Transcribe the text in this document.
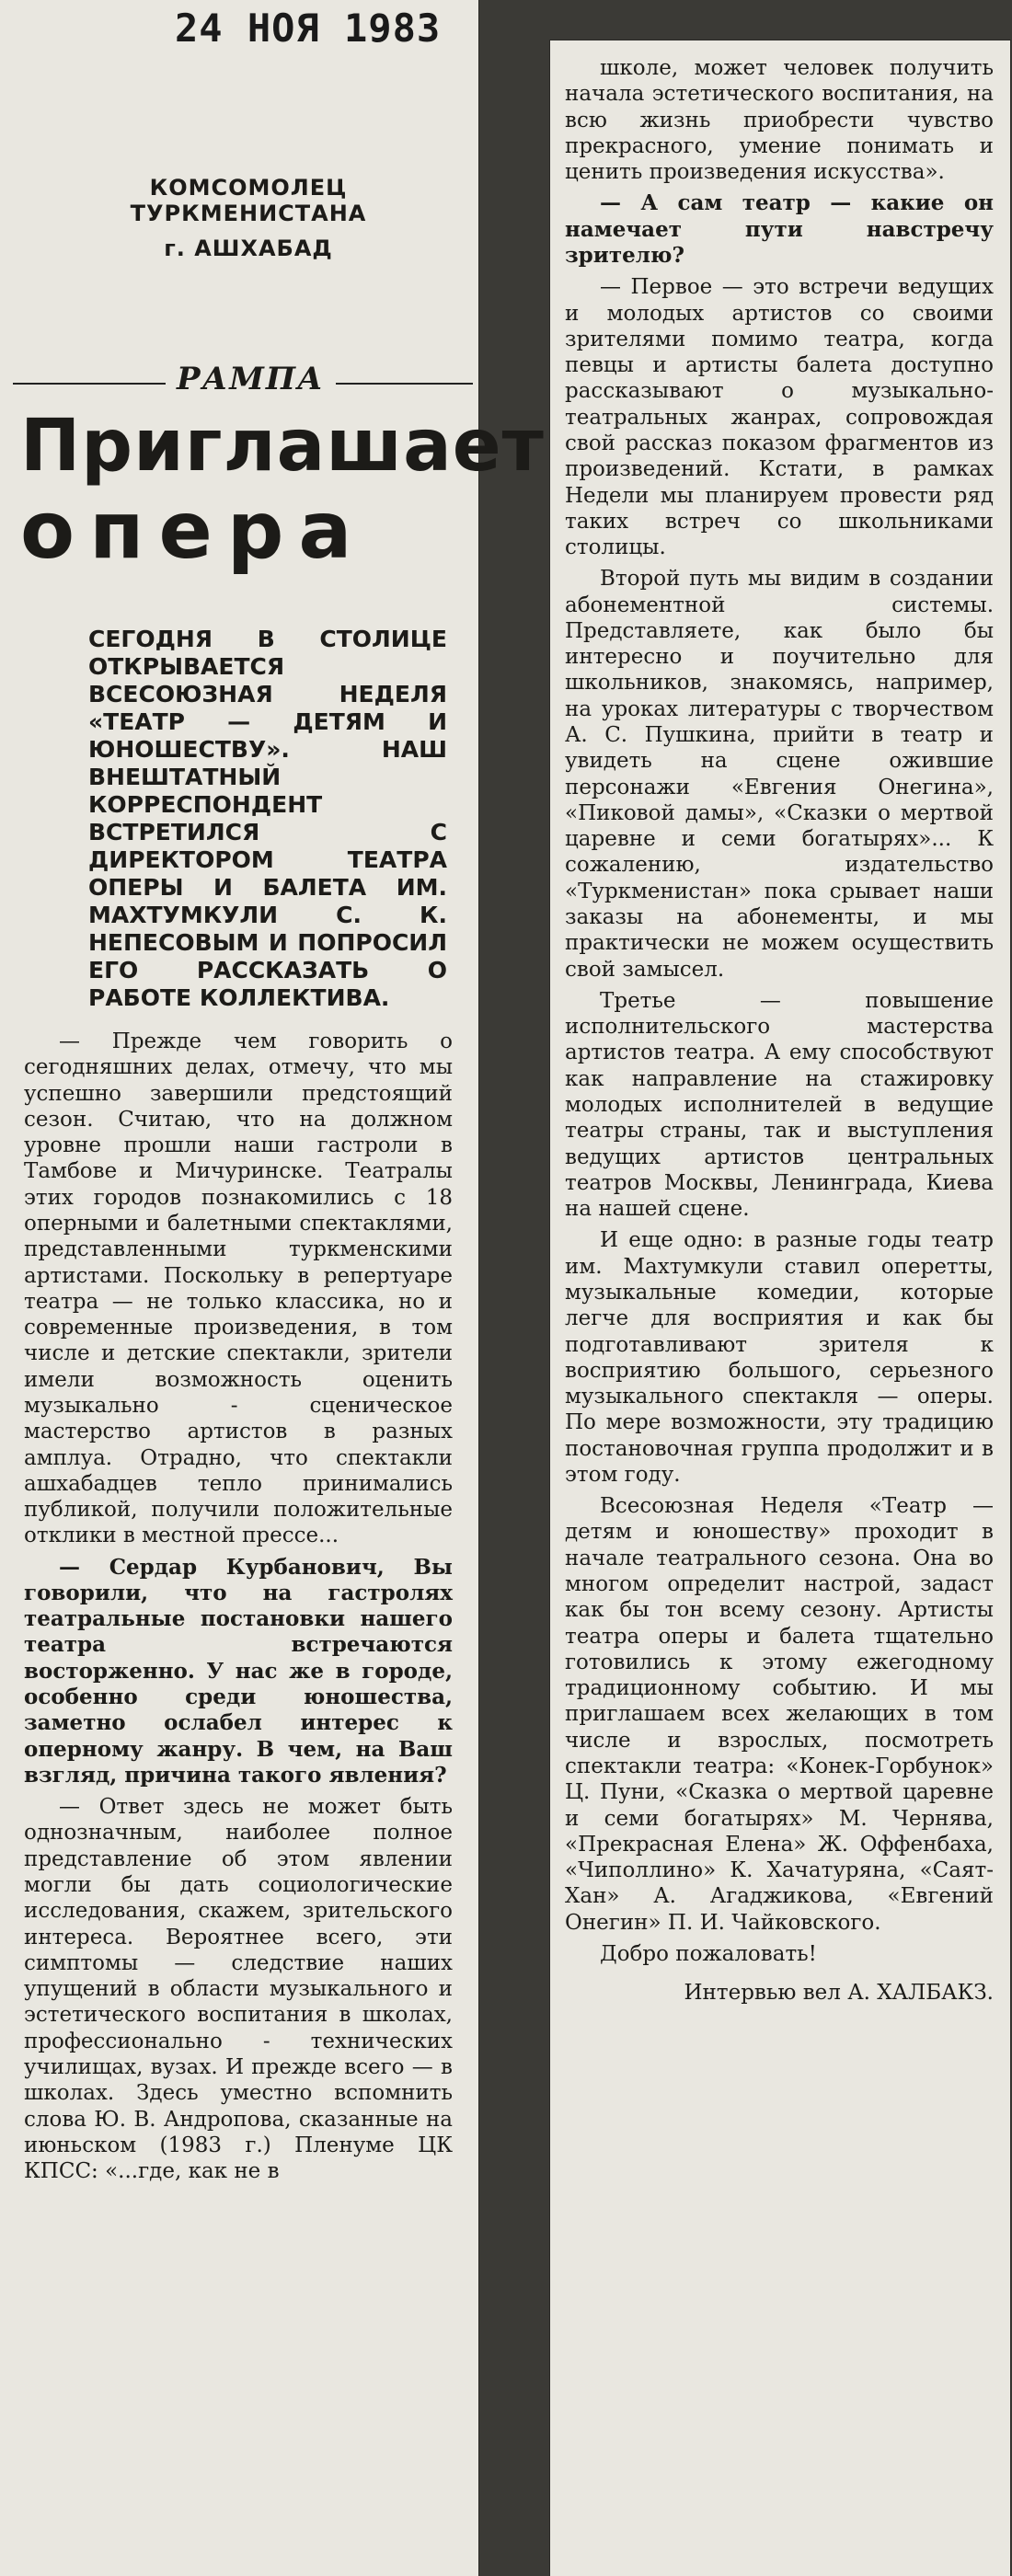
24 НОЯ 1983
КОМСОМОЛЕЦ ТУРКМЕНИСТАНА
г. АШХАБАД
РАМПА
Приглашает
опера
СЕГОДНЯ В СТОЛИЦЕ ОТКРЫВАЕТСЯ ВСЕСОЮЗНАЯ НЕДЕЛЯ «ТЕАТР — ДЕТЯМ И ЮНОШЕСТВУ». НАШ ВНЕШТАТНЫЙ КОРРЕСПОНДЕНТ ВСТРЕТИЛСЯ С ДИРЕКТОРОМ ТЕАТРА ОПЕРЫ И БАЛЕТА ИМ. МАХТУМКУЛИ С. К. НЕПЕСОВЫМ И ПОПРОСИЛ ЕГО РАССКАЗАТЬ О РАБОТЕ КОЛЛЕКТИВА.

— Прежде чем говорить о сегодняшних делах, отмечу, что мы успешно завершили предстоящий сезон. Считаю, что на должном уровне прошли наши гастроли в Тамбове и Мичуринске. Театралы этих городов познакомились с 18 оперными и балетными спектаклями, представленными туркменскими артистами. Поскольку в репертуаре театра — не только классика, но и современные произведения, в том числе и детские спектакли, зрители имели возможность оценить музыкально - сценическое мастерство артистов в разных амплуа. Отрадно, что спектакли ашхабадцев тепло принимались публикой, получили положительные отклики в местной прессе...

— Сердар Курбанович, Вы говорили, что на гастролях театральные постановки нашего театра встречаются восторженно. У нас же в городе, особенно среди юношества, заметно ослабел интерес к оперному жанру. В чем, на Ваш взгляд, причина такого явления?

— Ответ здесь не может быть однозначным, наиболее полное представление об этом явлении могли бы дать социологические исследования, скажем, зрительского интереса. Вероятнее всего, эти симптомы — следствие наших упущений в области музыкального и эстетического воспитания в школах, профессионально - технических училищах, вузах. И прежде всего — в школах. Здесь уместно вспомнить слова Ю. В. Андропова, сказанные на июньском (1983 г.) Пленуме ЦК КПСС: «...где, как не в

школе, может человек получить начала эстетического воспитания, на всю жизнь приобрести чувство прекрасного, умение понимать и ценить произведения искусства».

— А сам театр — какие он намечает пути навстречу зрителю?

— Первое — это встречи ведущих и молодых артистов со своими зрителями помимо театра, когда певцы и артисты балета доступно рассказывают о музыкально-театральных жанрах, сопровождая свой рассказ показом фрагментов из произведений. Кстати, в рамках Недели мы планируем провести ряд таких встреч со школьниками столицы.

Второй путь мы видим в создании абонементной системы. Представляете, как было бы интересно и поучительно для школьников, знакомясь, например, на уроках литературы с творчеством А. С. Пушкина, прийти в театр и увидеть на сцене ожившие персонажи «Евгения Онегина», «Пиковой дамы», «Сказки о мертвой царевне и семи богатырях»... К сожалению, издательство «Туркменистан» пока срывает наши заказы на абонементы, и мы практически не можем осуществить свой замысел.

Третье — повышение исполнительского мастерства артистов театра. А ему способствуют как направление на стажировку молодых исполнителей в ведущие театры страны, так и выступления ведущих артистов центральных театров Москвы, Ленинграда, Киева на нашей сцене.

И еще одно: в разные годы театр им. Махтумкули ставил оперетты, музыкальные комедии, которые легче для восприятия и как бы подготавливают зрителя к восприятию большого, серьезного музыкального спектакля — оперы. По мере возможности, эту традицию постановочная группа продолжит и в этом году.

Всесоюзная Неделя «Театр — детям и юношеству» проходит в начале театрального сезона. Она во многом определит настрой, задаст как бы тон всему сезону. Артисты театра оперы и балета тщательно готовились к этому ежегодному традиционному событию. И мы приглашаем всех желающих в том числе и взрослых, посмотреть спектакли театра: «Конек-Горбунок» Ц. Пуни, «Сказка о мертвой царевне и семи богатырях» М. Чернява, «Прекрасная Елена» Ж. Оффенбаха, «Чиполлино» К. Хачатуряна, «Саят-Хан» А. Агаджикова, «Евгений Онегин» П. И. Чайковского.

Добро пожаловать!

Интервью вел А. ХАЛБАКЗ.
